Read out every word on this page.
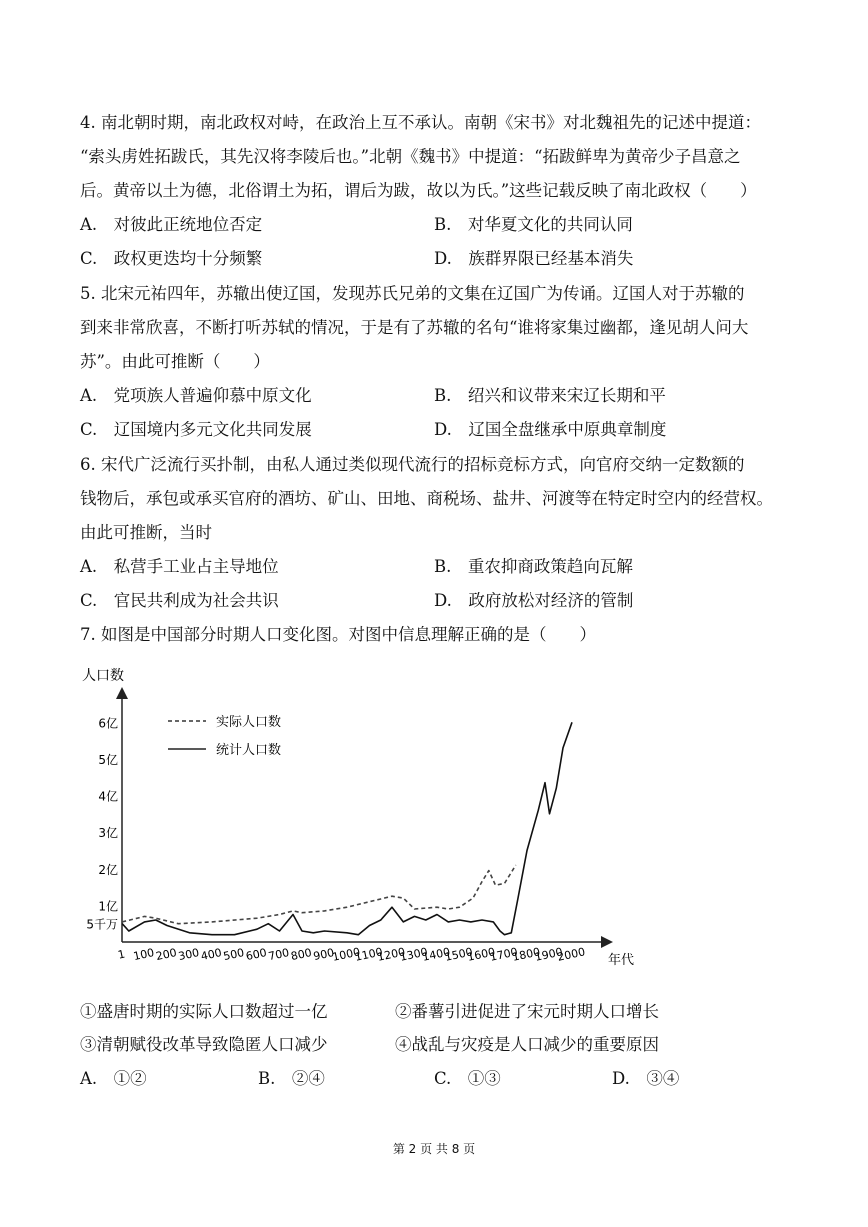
4. 南北朝时期，南北政权对峙，在政治上互不承认。南朝《宋书》对北魏祖先的记述中提道：
“索头虏姓拓跋氏，其先汉将李陵后也。”北朝《魏书》中提道：“拓跋鲜卑为黄帝少子昌意之
后。黄帝以土为德，北俗谓土为拓，谓后为跋，故以为氏。”这些记载反映了南北政权（　　）
A.　对彼此正统地位否定	B.　对华夏文化的共同认同
C.　政权更迭均十分频繁	D.　族群界限已经基本消失
5. 北宋元祐四年，苏辙出使辽国，发现苏氏兄弟的文集在辽国广为传诵。辽国人对于苏辙的
到来非常欣喜，不断打听苏轼的情况，于是有了苏辙的名句“谁将家集过幽都，逢见胡人问大
苏”。由此可推断（　　）
A.　党项族人普遍仰慕中原文化	B.　绍兴和议带来宋辽长期和平
C.　辽国境内多元文化共同发展	D.　辽国全盘继承中原典章制度
6. 宋代广泛流行买扑制，由私人通过类似现代流行的招标竞标方式，向官府交纳一定数额的
钱物后，承包或承买官府的酒坊、矿山、田地、商税场、盐井、河渡等在特定时空内的经营权。
由此可推断，当时
A.　私营手工业占主导地位	B.　重农抑商政策趋向瓦解
C.　官民共利成为社会共识	D.　政府放松对经济的管制
7. 如图是中国部分时期人口变化图。对图中信息理解正确的是（　　）
人口数
年代
5千万
1亿
2亿
3亿
4亿
5亿
6亿
1 100 200 300 400 500 600 700 800 900
1000
1100
1200
1300
1400
1500
1600
1700
1800
1900
2000
实际人口数
统计人口数
①盛唐时期的实际人口数超过一亿	②番薯引进促进了宋元时期人口增长
③清朝赋役改革导致隐匿人口减少	④战乱与灾疫是人口减少的重要原因
A.　①②	B.　②④	C.　①③	D.　③④
第 2 页 共 8 页
